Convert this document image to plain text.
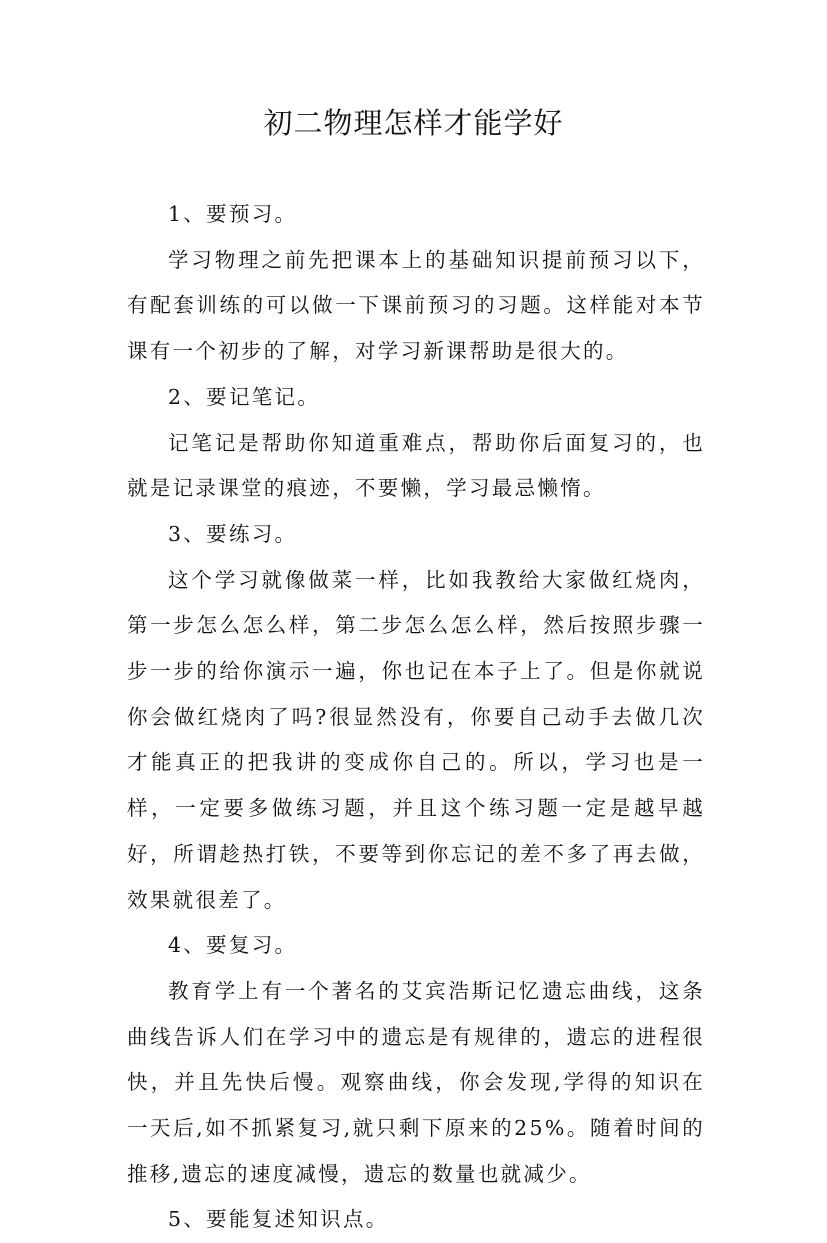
初二物理怎样才能学好

1、要预习。

学习物理之前先把课本上的基础知识提前预习以下，有配套训练的可以做一下课前预习的习题。这样能对本节课有一个初步的了解，对学习新课帮助是很大的。

2、要记笔记。

记笔记是帮助你知道重难点，帮助你后面复习的，也就是记录课堂的痕迹，不要懒，学习最忌懒惰。

3、要练习。

这个学习就像做菜一样，比如我教给大家做红烧肉，第一步怎么怎么样，第二步怎么怎么样，然后按照步骤一步一步的给你演示一遍，你也记在本子上了。但是你就说你会做红烧肉了吗?很显然没有，你要自己动手去做几次才能真正的把我讲的变成你自己的。所以，学习也是一样，一定要多做练习题，并且这个练习题一定是越早越好，所谓趁热打铁，不要等到你忘记的差不多了再去做，效果就很差了。

4、要复习。

教育学上有一个著名的艾宾浩斯记忆遗忘曲线，这条曲线告诉人们在学习中的遗忘是有规律的，遗忘的进程很快，并且先快后慢。观察曲线，你会发现,学得的知识在一天后,如不抓紧复习,就只剩下原来的25%。随着时间的推移,遗忘的速度减慢，遗忘的数量也就减少。

5、要能复述知识点。
